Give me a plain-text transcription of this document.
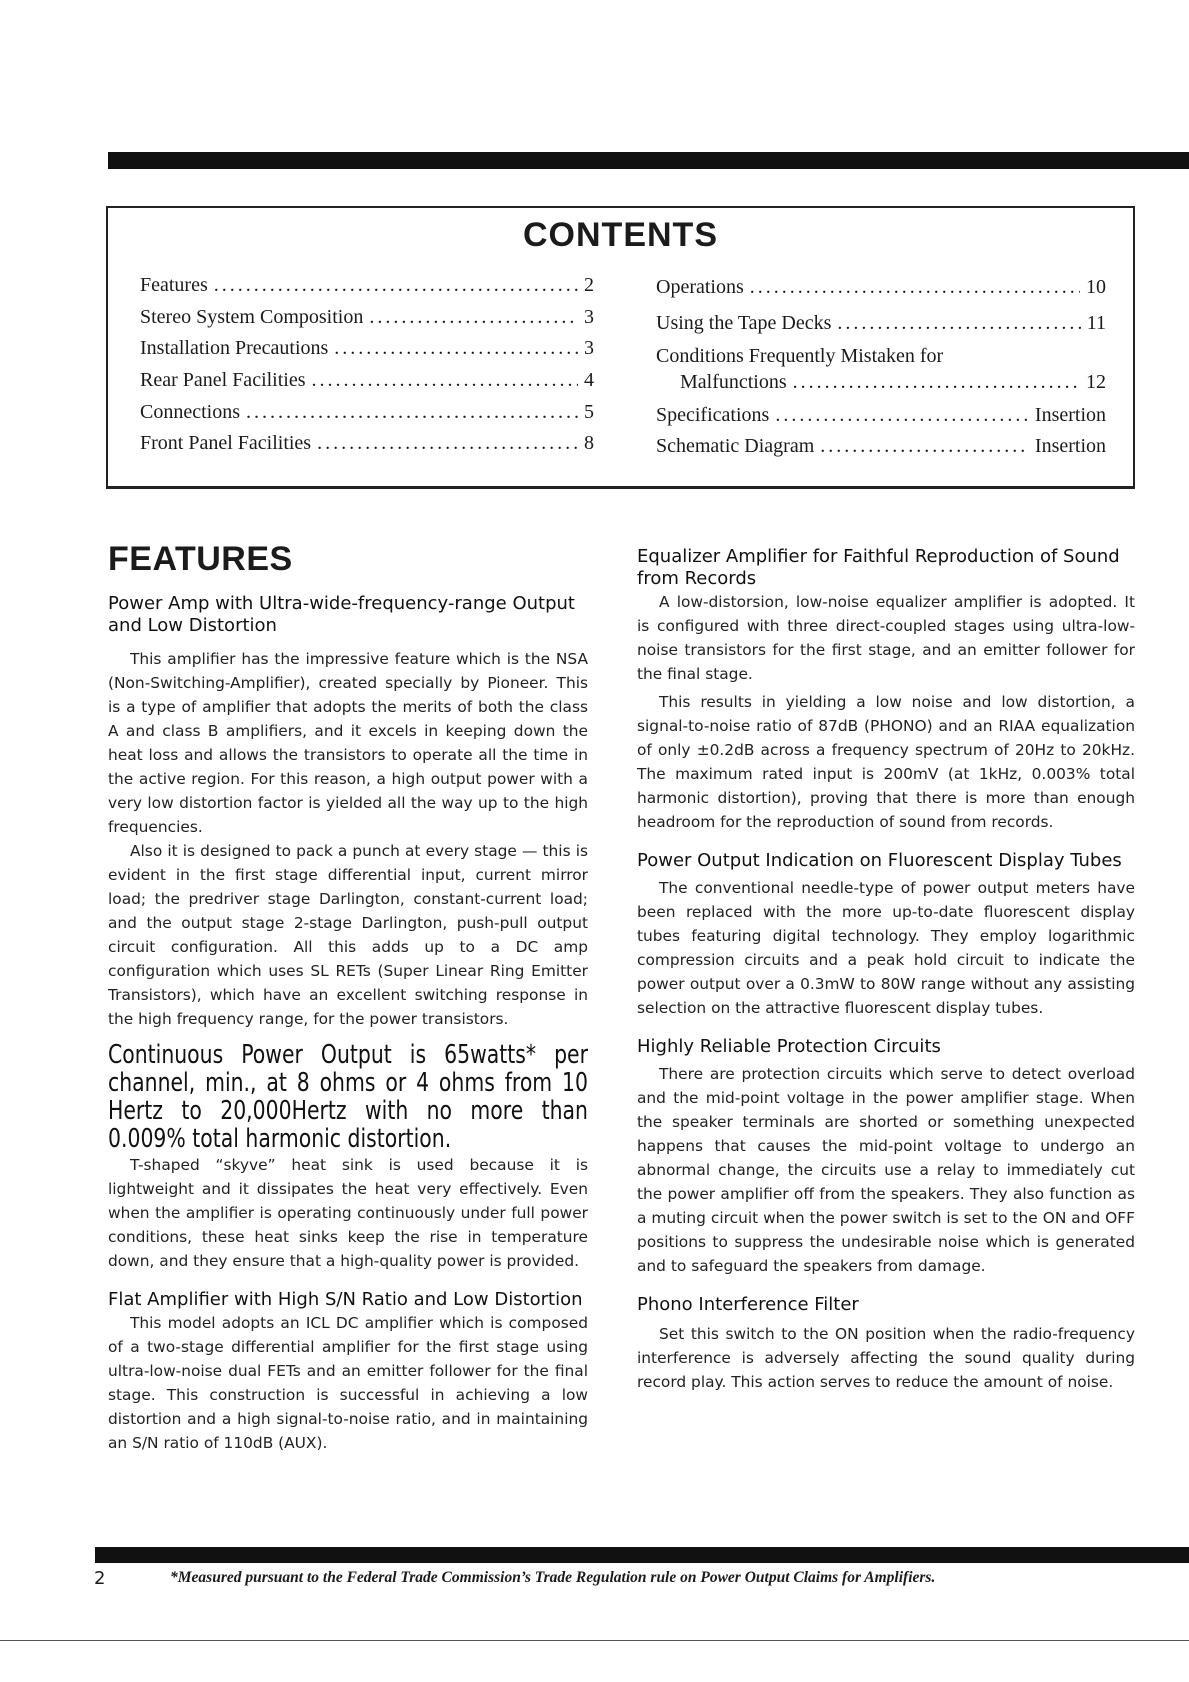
CONTENTS
Features .....	2
Stereo System Composition .....	3
Installation Precautions .....	3
Rear Panel Facilities .....	4
Connections .....	5
Front Panel Facilities .....	8
Operations .....	10
Using the Tape Decks .....	11
Conditions Frequently Mistaken for
Malfunctions .....	12
Specifications .....	Insertion
Schematic Diagram .....	Insertion
FEATURES
Power Amp with Ultra-wide-frequency-range Output and Low Distortion

This amplifier has the impressive feature which is the NSA (Non-Switching-Amplifier), created specially by Pioneer. This is a type of amplifier that adopts the merits of both the class A and class B amplifiers, and it excels in keeping down the heat loss and allows the transistors to operate all the time in the active region. For this reason, a high output power with a very low distortion factor is yielded all the way up to the high frequencies.

Also it is designed to pack a punch at every stage — this is evident in the first stage differential input, current mirror load; the predriver stage Darlington, constant-current load; and the output stage 2-stage Darlington, push-pull output circuit configuration. All this adds up to a DC amp configuration which uses SL RETs (Super Linear Ring Emitter Transistors), which have an excellent switching response in the high frequency range, for the power transistors.

Continuous Power Output is 65watts* per channel, min., at 8 ohms or 4 ohms from 10 Hertz to 20,000Hertz with no more than 0.009% total harmonic distortion.

T-shaped “skyve” heat sink is used because it is lightweight and it dissipates the heat very effectively. Even when the amplifier is operating continuously under full power conditions, these heat sinks keep the rise in temperature down, and they ensure that a high-quality power is provided.

Flat Amplifier with High S/N Ratio and Low Distortion

This model adopts an ICL DC amplifier which is composed of a two-stage differential amplifier for the first stage using ultra-low-noise dual FETs and an emitter follower for the final stage. This construction is successful in achieving a low distortion and a high signal-to-noise ratio, and in maintaining an S/N ratio of 110dB (AUX).

Equalizer Amplifier for Faithful Reproduction of Sound from Records

A low-distorsion, low-noise equalizer amplifier is adopted. It is configured with three direct-coupled stages using ultra-low-noise transistors for the first stage, and an emitter follower for the final stage.

This results in yielding a low noise and low distortion, a signal-to-noise ratio of 87dB (PHONO) and an RIAA equalization of only ±0.2dB across a frequency spectrum of 20Hz to 20kHz. The maximum rated input is 200mV (at 1kHz, 0.003% total harmonic distortion), proving that there is more than enough headroom for the reproduction of sound from records.

Power Output Indication on Fluorescent Display Tubes

The conventional needle-type of power output meters have been replaced with the more up-to-date fluorescent display tubes featuring digital technology. They employ logarithmic compression circuits and a peak hold circuit to indicate the power output over a 0.3mW to 80W range without any assisting selection on the attractive fluorescent display tubes.

Highly Reliable Protection Circuits

There are protection circuits which serve to detect overload and the mid-point voltage in the power amplifier stage. When the speaker terminals are shorted or something unexpected happens that causes the mid-point voltage to undergo an abnormal change, the circuits use a relay to immediately cut the power amplifier off from the speakers. They also function as a muting circuit when the power switch is set to the ON and OFF positions to suppress the undesirable noise which is generated and to safeguard the speakers from damage.

Phono Interference Filter

Set this switch to the ON position when the radio-frequency interference is adversely affecting the sound quality during record play. This action serves to reduce the amount of noise.

2	*Measured pursuant to the Federal Trade Commission’s Trade Regulation rule on Power Output Claims for Amplifiers.
